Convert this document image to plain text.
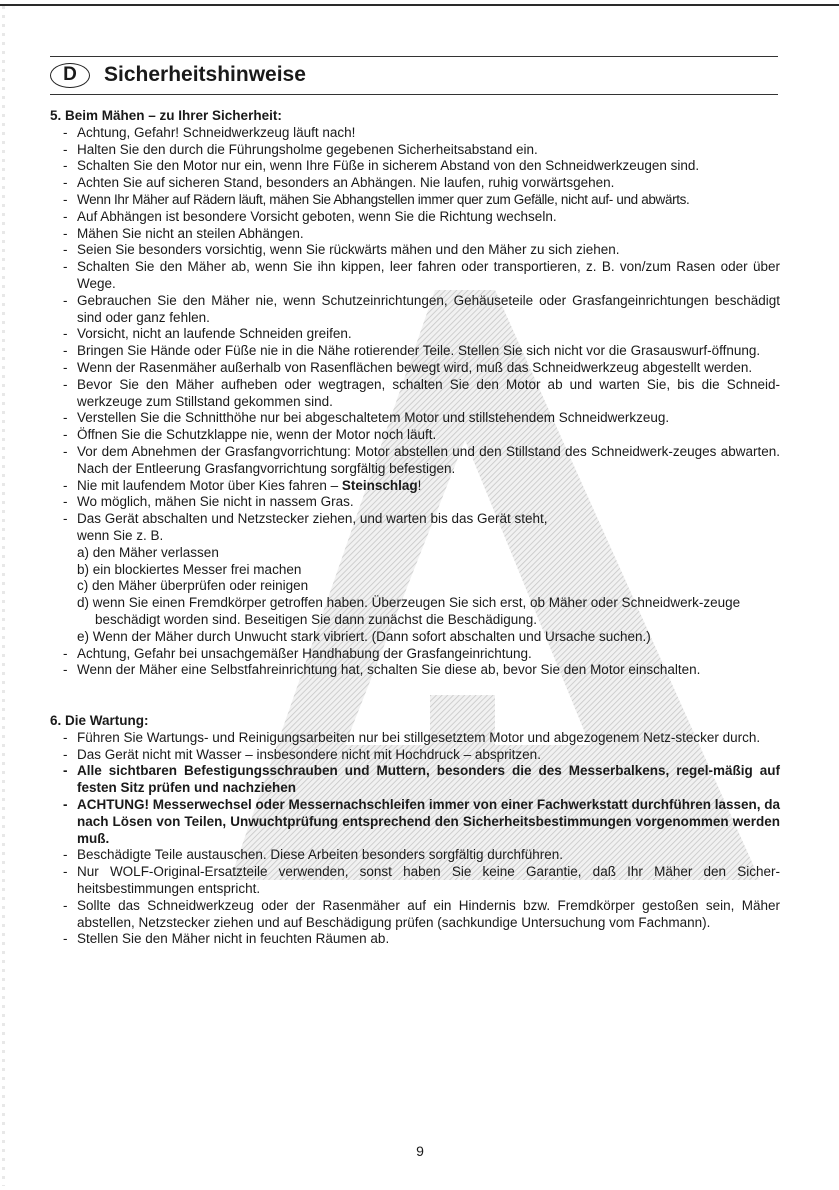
D	Sicherheitshinweise
5. Beim Mähen – zu Ihrer Sicherheit:
- Achtung, Gefahr! Schneidwerkzeug läuft nach!
- Halten Sie den durch die Führungsholme gegebenen Sicherheitsabstand ein.
- Schalten Sie den Motor nur ein, wenn Ihre Füße in sicherem Abstand von den Schneidwerkzeugen sind.
- Achten Sie auf sicheren Stand, besonders an Abhängen. Nie laufen, ruhig vorwärtsgehen.
- Wenn Ihr Mäher auf Rädern läuft, mähen Sie Abhangstellen immer quer zum Gefälle, nicht auf- und abwärts.
- Auf Abhängen ist besondere Vorsicht geboten, wenn Sie die Richtung wechseln.
- Mähen Sie nicht an steilen Abhängen.
- Seien Sie besonders vorsichtig, wenn Sie rückwärts mähen und den Mäher zu sich ziehen.
- Schalten Sie den Mäher ab, wenn Sie ihn kippen, leer fahren oder transportieren, z. B. von/zum Rasen oder über Wege.
- Gebrauchen Sie den Mäher nie, wenn Schutzeinrichtungen, Gehäuseteile oder Grasfangeinrichtungen beschädigt sind oder ganz fehlen.
- Vorsicht, nicht an laufende Schneiden greifen.
- Bringen Sie Hände oder Füße nie in die Nähe rotierender Teile. Stellen Sie sich nicht vor die Grasauswurf-öffnung.
- Wenn der Rasenmäher außerhalb von Rasenflächen bewegt wird, muß das Schneidwerkzeug abgestellt werden.
- Bevor Sie den Mäher aufheben oder wegtragen, schalten Sie den Motor ab und warten Sie, bis die Schneid-werkzeuge zum Stillstand gekommen sind.
- Verstellen Sie die Schnitthöhe nur bei abgeschaltetem Motor und stillstehendem Schneidwerkzeug.
- Öffnen Sie die Schutzklappe nie, wenn der Motor noch läuft.
- Vor dem Abnehmen der Grasfangvorrichtung: Motor abstellen und den Stillstand des Schneidwerk-zeuges abwarten. Nach der Entleerung Grasfangvorrichtung sorgfältig befestigen.
- Nie mit laufendem Motor über Kies fahren – Steinschlag!
- Wo möglich, mähen Sie nicht in nassem Gras.
- Das Gerät abschalten und Netzstecker ziehen, und warten bis das Gerät steht,
wenn Sie z. B.
a) den Mäher verlassen
b) ein blockiertes Messer frei machen
c) den Mäher überprüfen oder reinigen
d) wenn Sie einen Fremdkörper getroffen haben. Überzeugen Sie sich erst, ob Mäher oder Schneidwerk-zeuge beschädigt worden sind. Beseitigen Sie dann zunächst die Beschädigung.
e) Wenn der Mäher durch Unwucht stark vibriert. (Dann sofort abschalten und Ursache suchen.)
- Achtung, Gefahr bei unsachgemäßer Handhabung der Grasfangeinrichtung.
- Wenn der Mäher eine Selbstfahreinrichtung hat, schalten Sie diese ab, bevor Sie den Motor einschalten.
6. Die Wartung:
- Führen Sie Wartungs- und Reinigungsarbeiten nur bei stillgesetztem Motor und abgezogenem Netz-stecker durch.
- Das Gerät nicht mit Wasser – insbesondere nicht mit Hochdruck – abspritzen.
- Alle sichtbaren Befestigungsschrauben und Muttern, besonders die des Messerbalkens, regel-mäßig auf festen Sitz prüfen und nachziehen
- ACHTUNG! Messerwechsel oder Messernachschleifen immer von einer Fachwerkstatt durchführen lassen, da nach Lösen von Teilen, Unwuchtprüfung entsprechend den Sicherheitsbestimmungen vorgenommen werden muß.
- Beschädigte Teile austauschen. Diese Arbeiten besonders sorgfältig durchführen.
- Nur WOLF-Original-Ersatzteile verwenden, sonst haben Sie keine Garantie, daß Ihr Mäher den Sicher-heitsbestimmungen entspricht.
- Sollte das Schneidwerkzeug oder der Rasenmäher auf ein Hindernis bzw. Fremdkörper gestoßen sein, Mäher abstellen, Netzstecker ziehen und auf Beschädigung prüfen (sachkundige Untersuchung vom Fachmann).
- Stellen Sie den Mäher nicht in feuchten Räumen ab.
9
